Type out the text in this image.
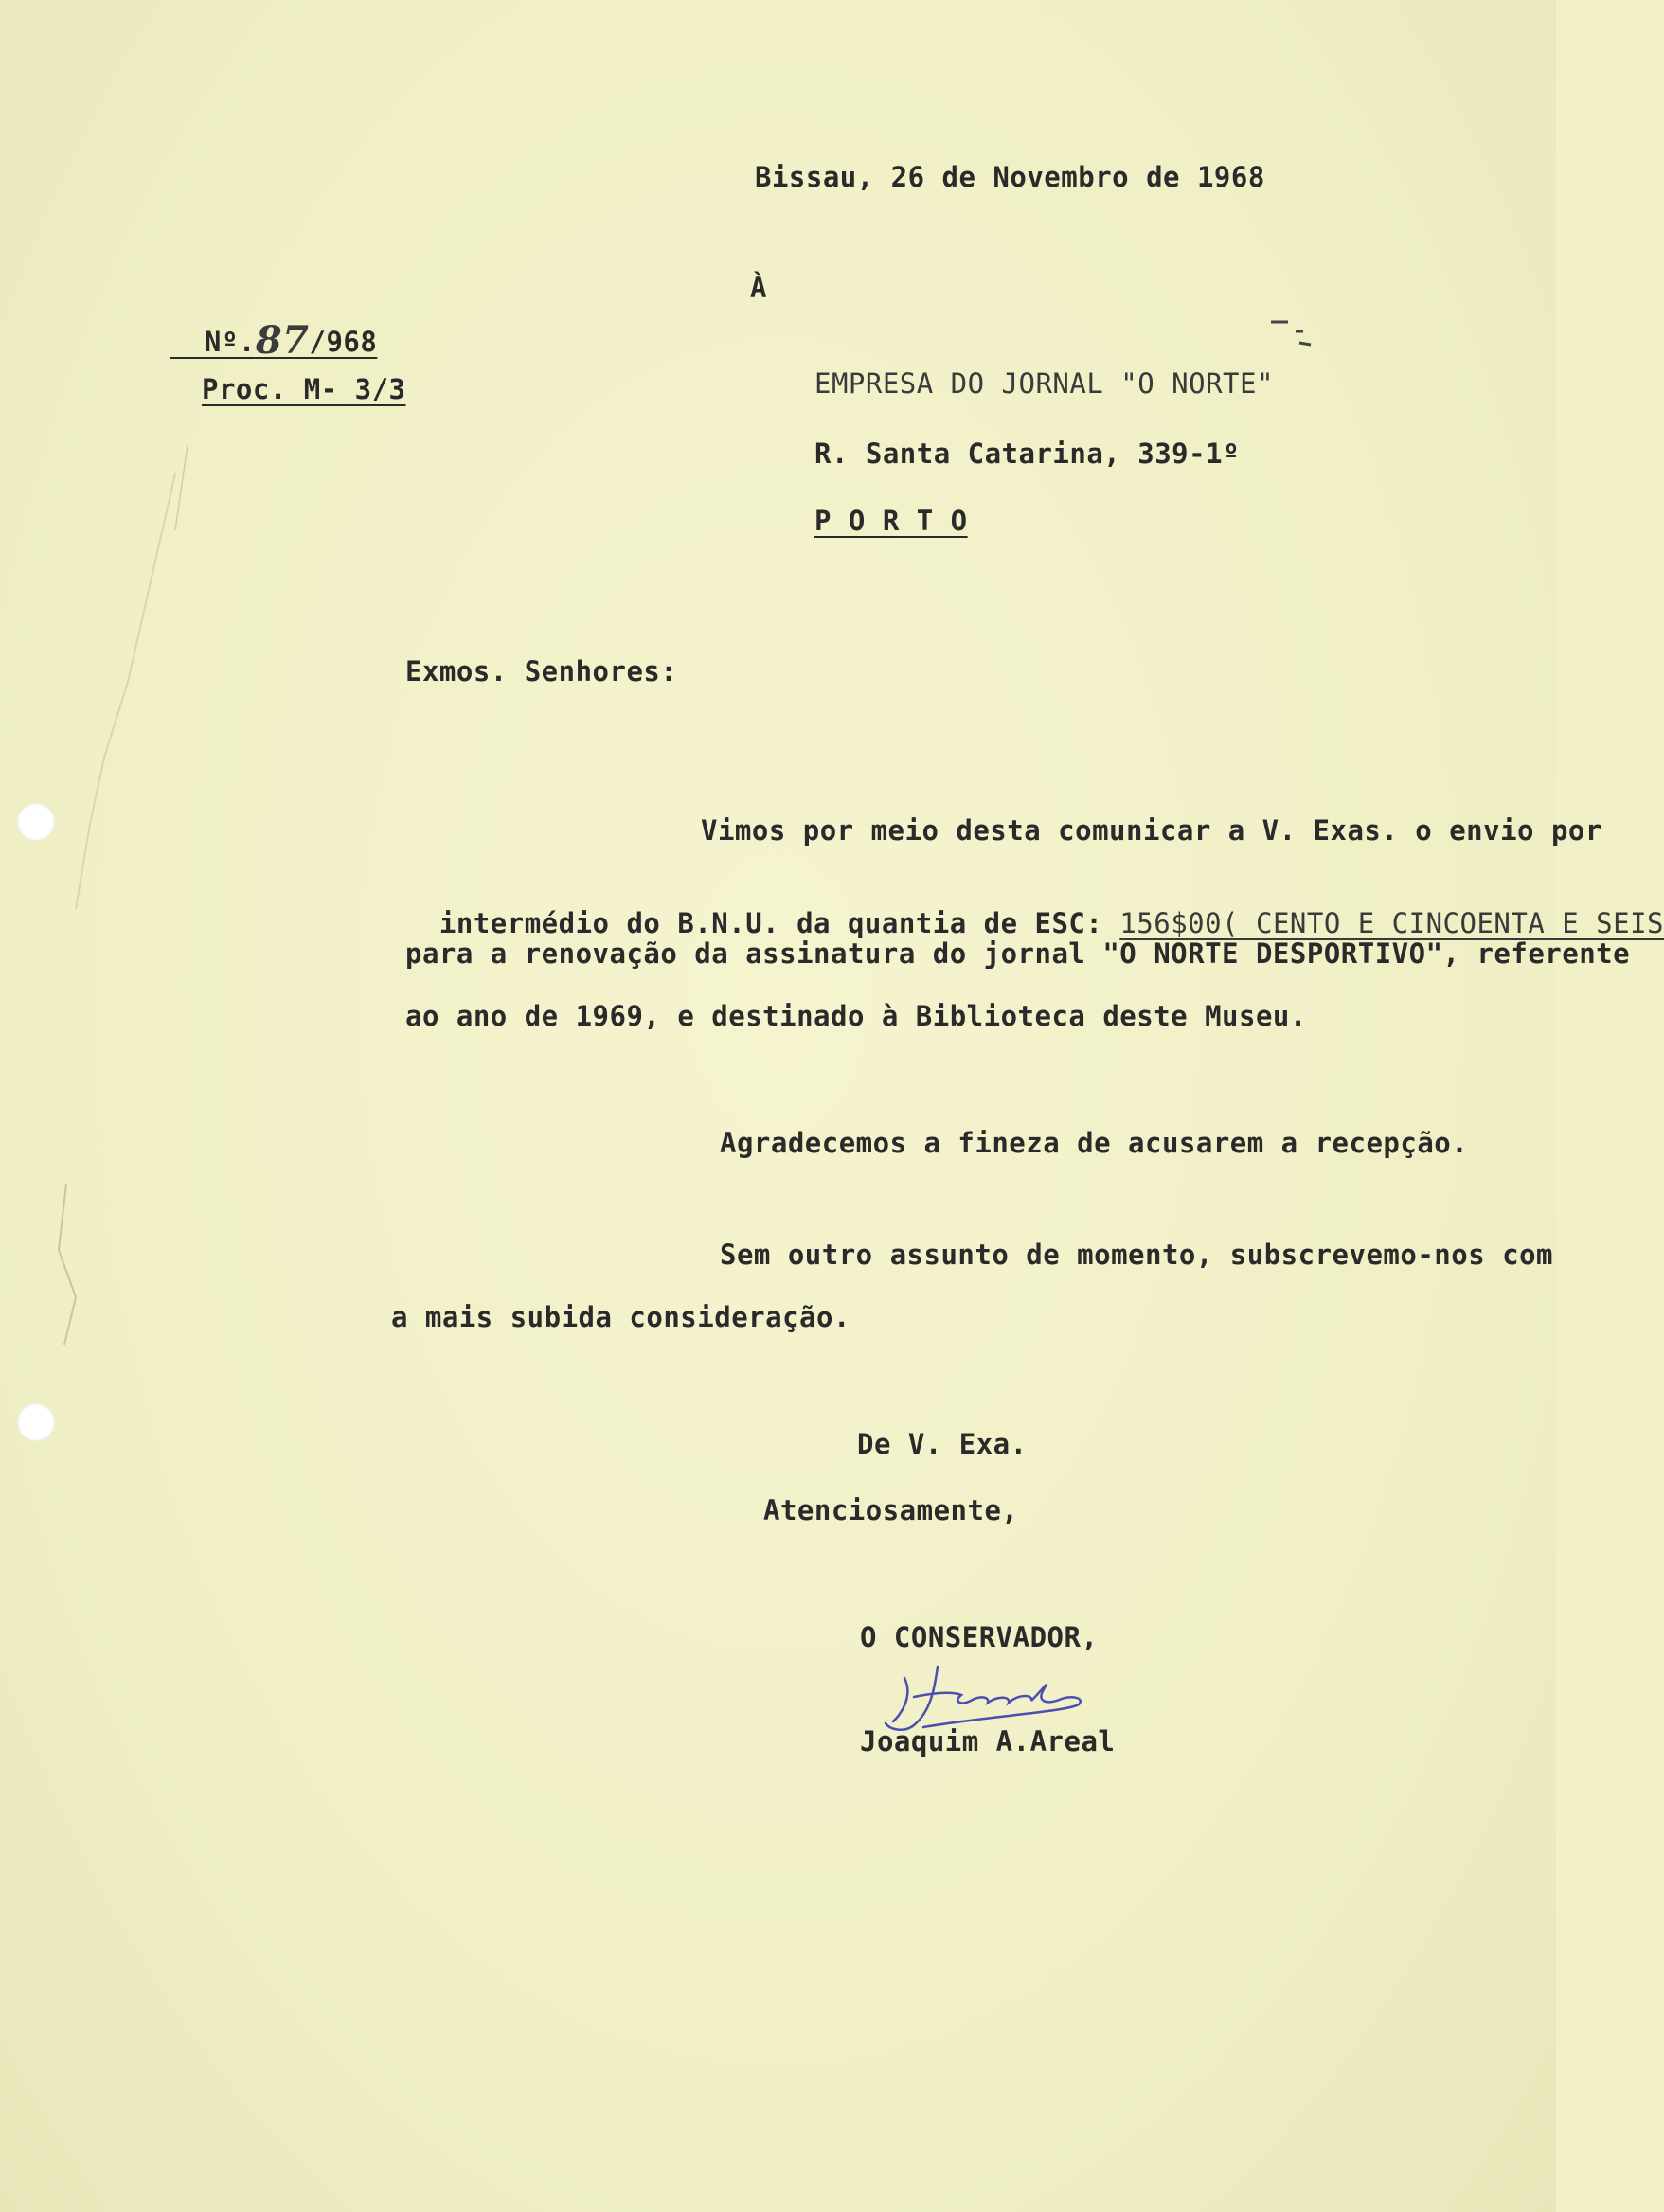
Bissau, 26 de Novembro de 1968

Nº.87/968

Proc. M- 3/3
À
EMPRESA DO JORNAL "O NORTE"
R. Santa Catarina, 339-1º
P O R T O
Exmos. Senhores:
Vimos por meio desta comunicar a V. Exas. o envio por

intermédio do B.N.U. da quantia de ESC: 156$00( CENTO E CINCOENTA E SEIS

para a renovação da assinatura do jornal "O NORTE DESPORTIVO", referente
ao ano de 1969, e destinado à Biblioteca deste Museu.
Agradecemos a fineza de acusarem a recepção.
Sem outro assunto de momento, subscrevemo-nos com
a mais subida consideração.
De V. Exa.
Atenciosamente,
O CONSERVADOR,
Joaquim A.Areal
